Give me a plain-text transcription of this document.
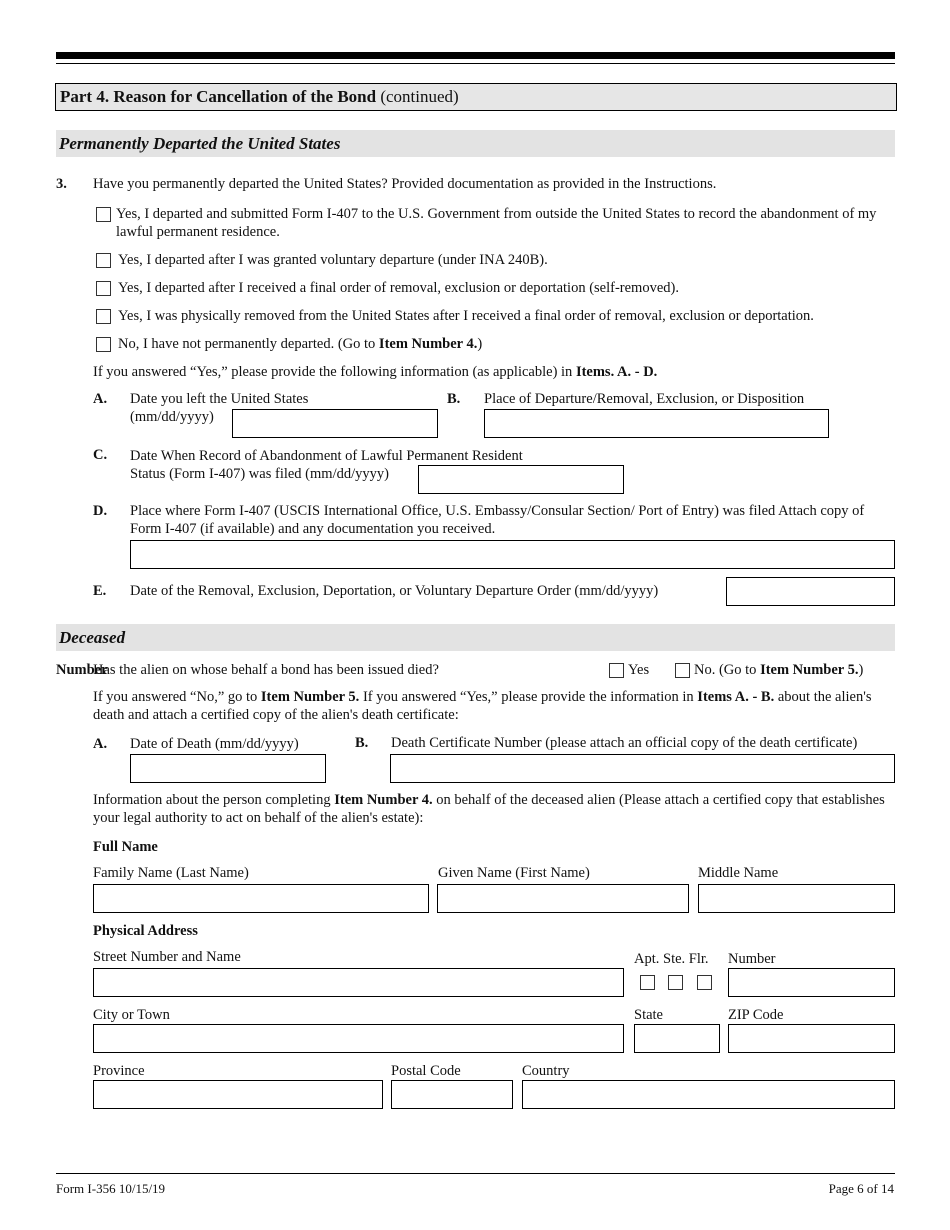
Part 4. Reason for Cancellation of the Bond (continued)
Permanently Departed the United States
3. Have you permanently departed the United States? Provided documentation as provided in the Instructions.
Yes, I departed and submitted Form I-407 to the U.S. Government from outside the United States to record the abandonment of my lawful permanent residence.
Yes, I departed after I was granted voluntary departure (under INA 240B).
Yes, I departed after I received a final order of removal, exclusion or deportation (self-removed).
Yes, I was physically removed from the United States after I received a final order of removal, exclusion or deportation.
No, I have not permanently departed. (Go to Item Number 4.)
If you answered “Yes,” please provide the following information (as applicable) in Items. A. - D.
A. Date you left the United States
(mm/dd/yyyy)
B. Place of Departure/Removal, Exclusion, or Disposition
C. Date When Record of Abandonment of Lawful Permanent Resident
Status (Form I-407) was filed (mm/dd/yyyy)
D. Place where Form I-407 (USCIS International Office, U.S. Embassy/Consular Section/ Port of Entry) was filed Attach copy of Form I-407 (if available) and any documentation you received.
E. Date of the Removal, Exclusion, Deportation, or Voluntary Departure Order (mm/dd/yyyy)
Deceased
Number
Has the alien on whose behalf a bond has been issued died?	Yes	No. (Go to Item Number 5.)
If you answered “No,” go to Item Number 5. If you answered “Yes,” please provide the information in Items A. - B. about the alien's death and attach a certified copy of the alien's death certificate:
A. Date of Death (mm/dd/yyyy)	B. Death Certificate Number (please attach an official copy of the death certificate)
Information about the person completing Item Number 4. on behalf of the deceased alien (Please attach a certified copy that establishes your legal authority to act on behalf of the alien's estate):
Full Name
Family Name (Last Name)	Given Name (First Name)	Middle Name
Physical Address
Street Number and Name	Apt. Ste. Flr. Number
City or Town	State	ZIP Code
Province	Postal Code	Country
Form I-356 10/15/19	Page 6 of 14
